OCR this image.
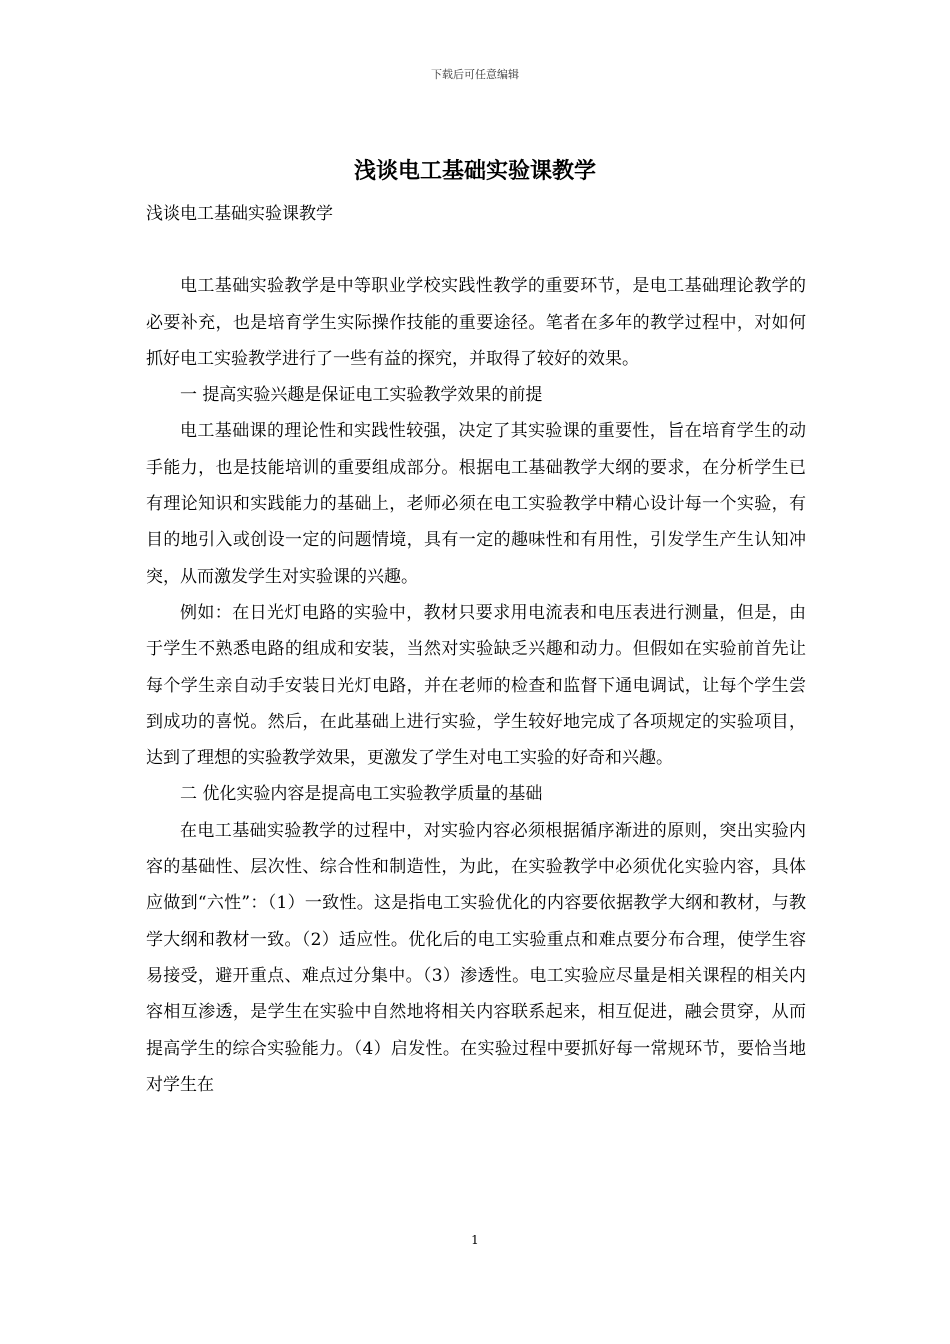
下载后可任意编辑
浅谈电工基础实验课教学

浅谈电工基础实验课教学

电工基础实验教学是中等职业学校实践性教学的重要环节，是电工基础理论教学的必要补充，也是培育学生实际操作技能的重要途径。笔者在多年的教学过程中，对如何抓好电工实验教学进行了一些有益的探究，并取得了较好的效果。

一 提高实验兴趣是保证电工实验教学效果的前提

电工基础课的理论性和实践性较强，决定了其实验课的重要性，旨在培育学生的动手能力，也是技能培训的重要组成部分。根据电工基础教学大纲的要求，在分析学生已有理论知识和实践能力的基础上，老师必须在电工实验教学中精心设计每一个实验，有目的地引入或创设一定的问题情境，具有一定的趣味性和有用性，引发学生产生认知冲突，从而激发学生对实验课的兴趣。

例如：在日光灯电路的实验中，教材只要求用电流表和电压表进行测量，但是，由于学生不熟悉电路的组成和安装，当然对实验缺乏兴趣和动力。但假如在实验前首先让每个学生亲自动手安装日光灯电路，并在老师的检查和监督下通电调试，让每个学生尝到成功的喜悦。然后，在此基础上进行实验，学生较好地完成了各项规定的实验项目，达到了理想的实验教学效果，更激发了学生对电工实验的好奇和兴趣。

二 优化实验内容是提高电工实验教学质量的基础

在电工基础实验教学的过程中，对实验内容必须根据循序渐进的原则，突出实验内容的基础性、层次性、综合性和制造性，为此，在实验教学中必须优化实验内容，具体应做到“六性”：（1）一致性。这是指电工实验优化的内容要依据教学大纲和教材，与教学大纲和教材一致。（2）适应性。优化后的电工实验重点和难点要分布合理，使学生容易接受，避开重点、难点过分集中。（3）渗透性。电工实验应尽量是相关课程的相关内容相互渗透，是学生在实验中自然地将相关内容联系起来，相互促进，融会贯穿，从而提高学生的综合实验能力。（4）启发性。在实验过程中要抓好每一常规环节，要恰当地对学生在

1
